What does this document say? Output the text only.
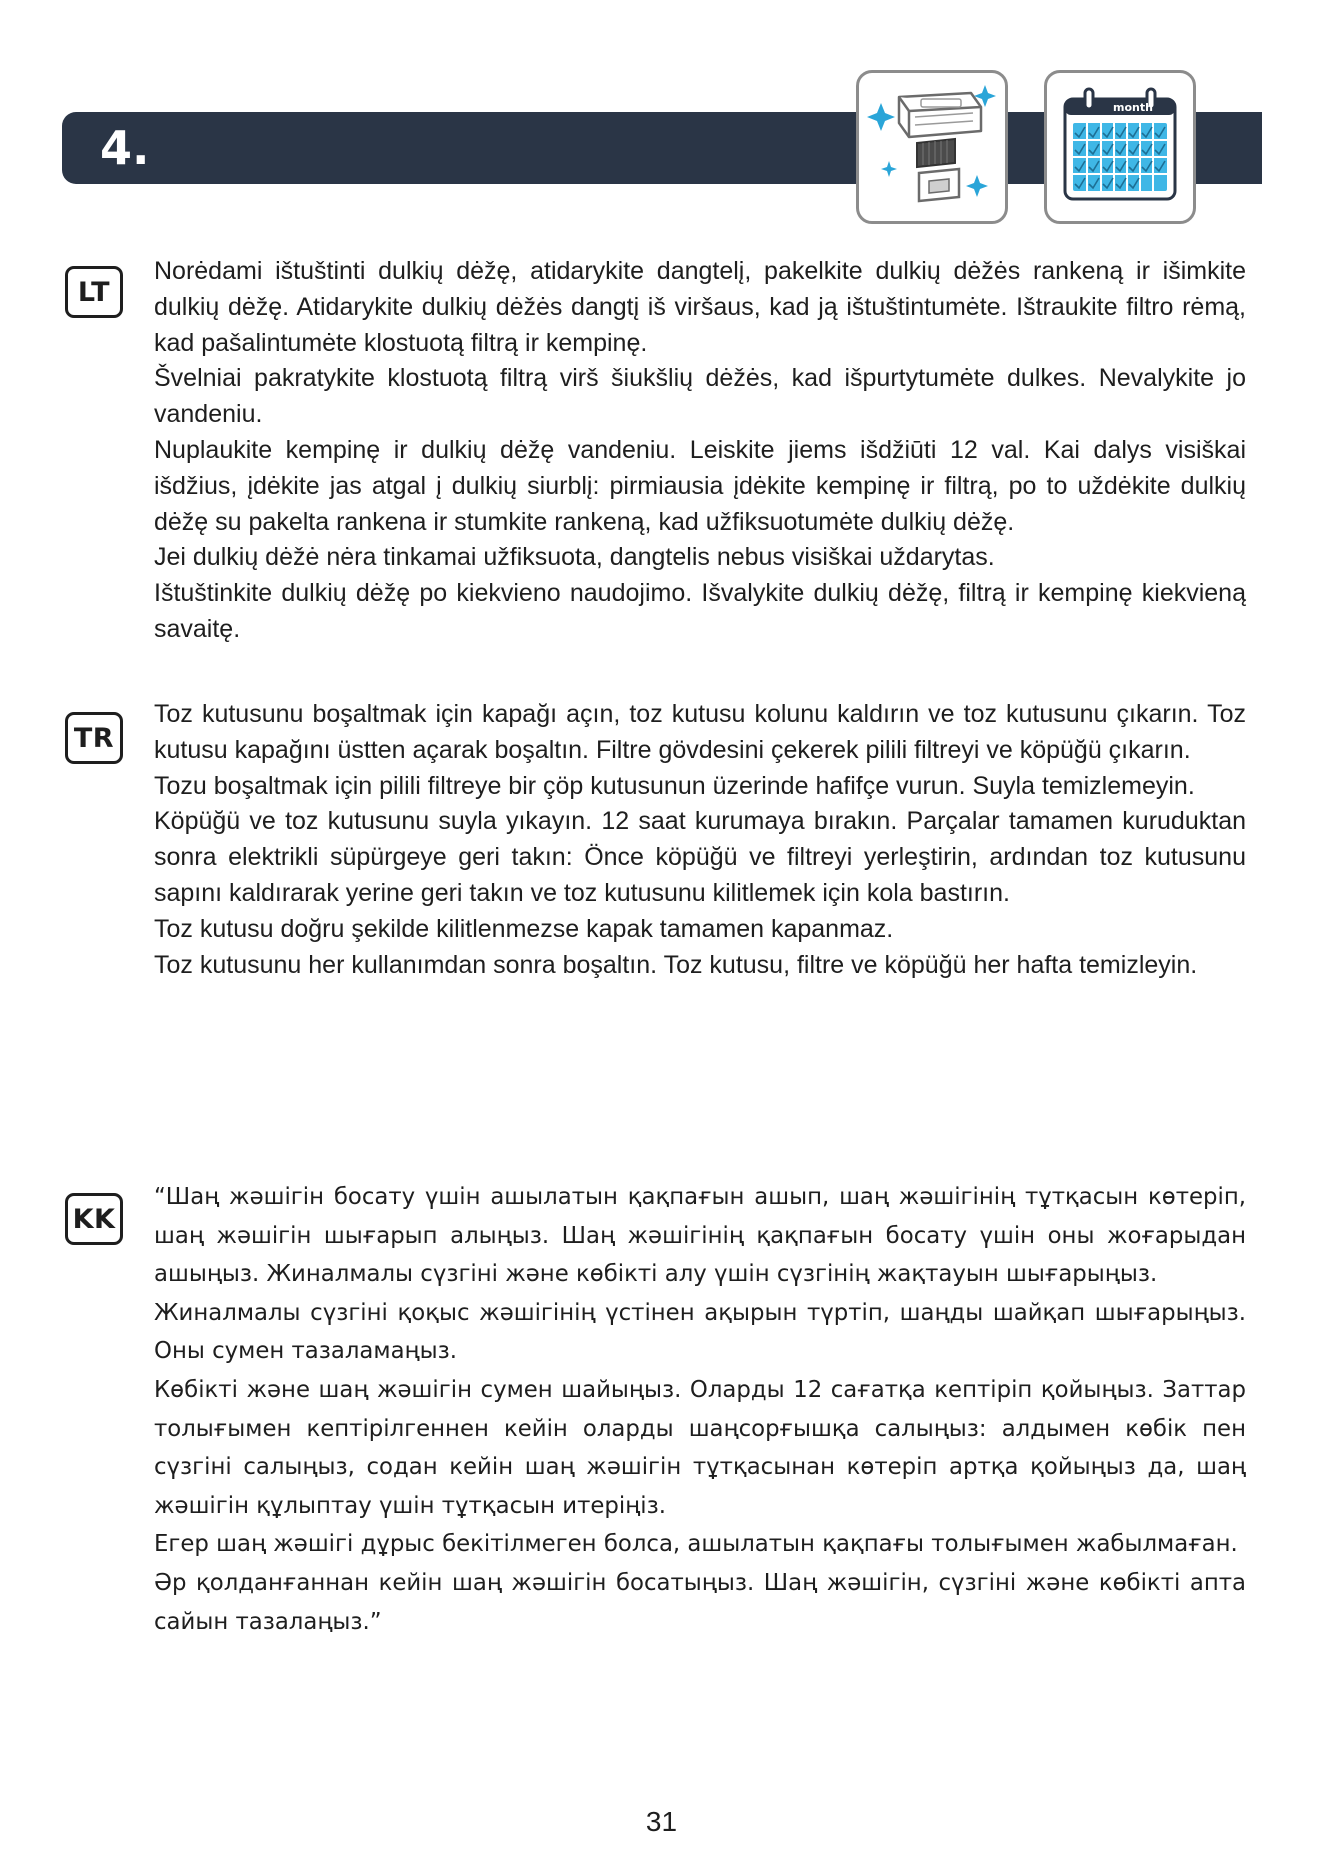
4.
month
LT

Norėdami ištuštinti dulkių dėžę, atidarykite dangtelį, pakelkite dulkių dėžės rankeną ir išimkite dulkių dėžę. Atidarykite dulkių dėžės dangtį iš viršaus, kad ją ištuštintumėte. Ištraukite filtro rėmą, kad pašalintumėte klostuotą filtrą ir kempinę.

Švelniai pakratykite klostuotą filtrą virš šiukšlių dėžės, kad išpurtytumėte dulkes. Nevalykite jo vandeniu.

Nuplaukite kempinę ir dulkių dėžę vandeniu. Leiskite jiems išdžiūti 12 val. Kai dalys visiškai išdžius, įdėkite jas atgal į dulkių siurblį: pirmiausia įdėkite kempinę ir filtrą, po to uždėkite dulkių dėžę su pakelta rankena ir stumkite rankeną, kad užfiksuotumėte dulkių dėžę.

Jei dulkių dėžė nėra tinkamai užfiksuota, dangtelis nebus visiškai uždarytas.

Ištuštinkite dulkių dėžę po kiekvieno naudojimo. Išvalykite dulkių dėžę, filtrą ir kempinę kiekvieną savaitę.

TR

Toz kutusunu boşaltmak için kapağı açın, toz kutusu kolunu kaldırın ve toz kutusunu çıkarın. Toz kutusu kapağını üstten açarak boşaltın. Filtre gövdesini çekerek pilili filtreyi ve köpüğü çıkarın.

Tozu boşaltmak için pilili filtreye bir çöp kutusunun üzerinde hafifçe vurun. Suyla temizlemeyin.

Köpüğü ve toz kutusunu suyla yıkayın. 12 saat kurumaya bırakın. Parçalar tamamen kuruduktan sonra elektrikli süpürgeye geri takın: Önce köpüğü ve filtreyi yerleştirin, ardından toz kutusunu sapını kaldırarak yerine geri takın ve toz kutusunu kilitlemek için kola bastırın.

Toz kutusu doğru şekilde kilitlenmezse kapak tamamen kapanmaz.

Toz kutusunu her kullanımdan sonra boşaltın. Toz kutusu, filtre ve köpüğü her hafta temizleyin.

KK

“Шаң жәшігін босату үшін ашылатын қақпағын ашып, шаң жәшігінің тұтқасын көтеріп, шаң жәшігін шығарып алыңыз. Шаң жәшігінің қақпағын босату үшін оны жоғарыдан ашыңыз. Жиналмалы сүзгіні және көбікті алу үшін сүзгінің жақтауын шығарыңыз.

Жиналмалы сүзгіні қоқыс жәшігінің үстінен ақырын түртіп, шаңды шайқап шығарыңыз. Оны сумен тазаламаңыз.

Көбікті және шаң жәшігін сумен шайыңыз. Оларды 12 сағатқа кептіріп қойыңыз. Заттар толығымен кептірілгеннен кейін оларды шаңсорғышқа салыңыз: алдымен көбік пен сүзгіні салыңыз, содан кейін шаң жәшігін тұтқасынан көтеріп артқа қойыңыз да, шаң жәшігін құлыптау үшін тұтқасын итеріңіз.

Егер шаң жәшігі дұрыс бекітілмеген болса, ашылатын қақпағы толығымен жабылмаған.

Әр қолданғаннан кейін шаң жәшігін босатыңыз. Шаң жәшігін, сүзгіні және көбікті апта сайын тазалаңыз.”

31
